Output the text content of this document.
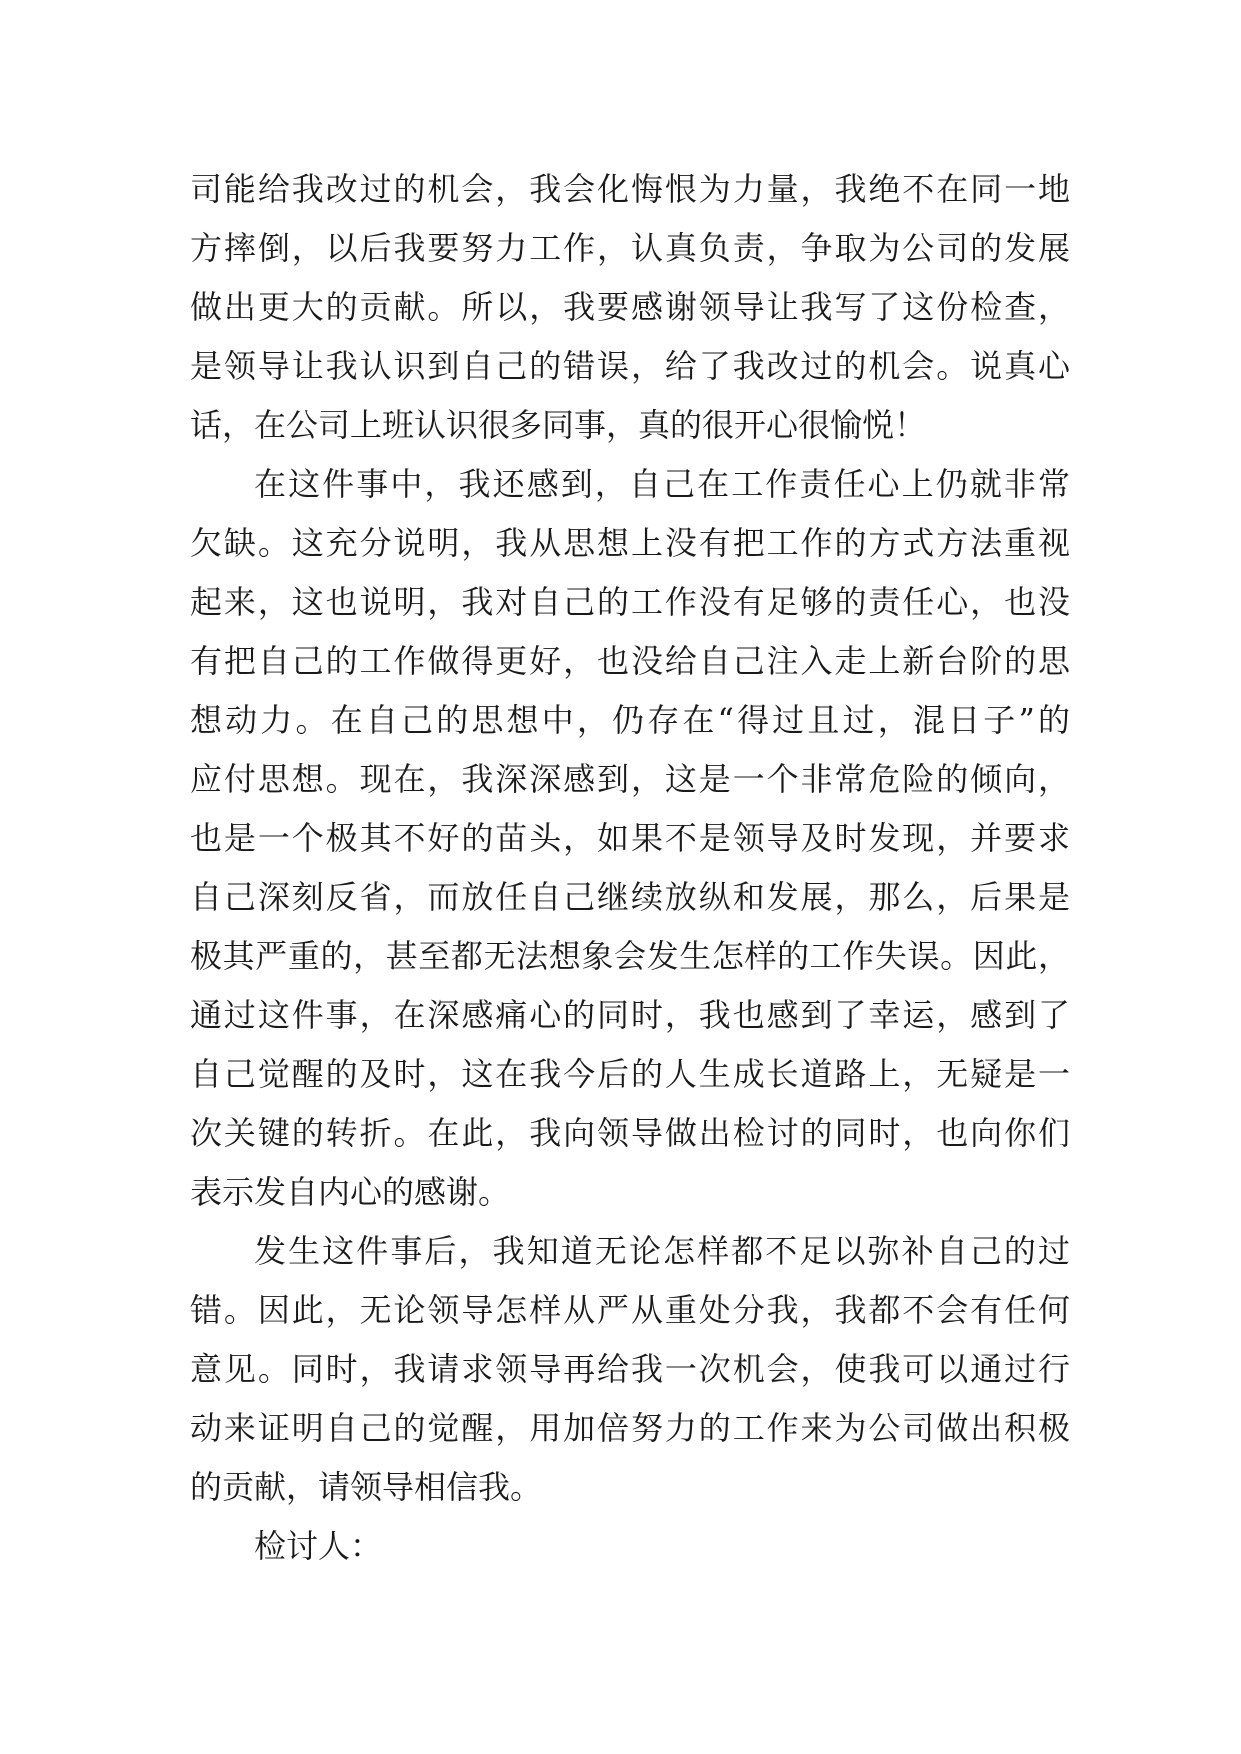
司能给我改过的机会，我会化悔恨为力量，我绝不在同一地
方摔倒，以后我要努力工作，认真负责，争取为公司的发展
做出更大的贡献。所以，我要感谢领导让我写了这份检查，
是领导让我认识到自己的错误，给了我改过的机会。说真心
话，在公司上班认识很多同事，真的很开心很愉悦！
在这件事中，我还感到，自己在工作责任心上仍就非常
欠缺。这充分说明，我从思想上没有把工作的方式方法重视
起来，这也说明，我对自己的工作没有足够的责任心，也没
有把自己的工作做得更好，也没给自己注入走上新台阶的思
想动力。在自己的思想中，仍存在“得过且过，混日子”的
应付思想。现在，我深深感到，这是一个非常危险的倾向，
也是一个极其不好的苗头，如果不是领导及时发现，并要求
自己深刻反省，而放任自己继续放纵和发展，那么，后果是
极其严重的，甚至都无法想象会发生怎样的工作失误。因此，
通过这件事，在深感痛心的同时，我也感到了幸运，感到了
自己觉醒的及时，这在我今后的人生成长道路上，无疑是一
次关键的转折。在此，我向领导做出检讨的同时，也向你们
表示发自内心的感谢。
发生这件事后，我知道无论怎样都不足以弥补自己的过
错。因此，无论领导怎样从严从重处分我，我都不会有任何
意见。同时，我请求领导再给我一次机会，使我可以通过行
动来证明自己的觉醒，用加倍努力的工作来为公司做出积极
的贡献，请领导相信我。
检讨人：
